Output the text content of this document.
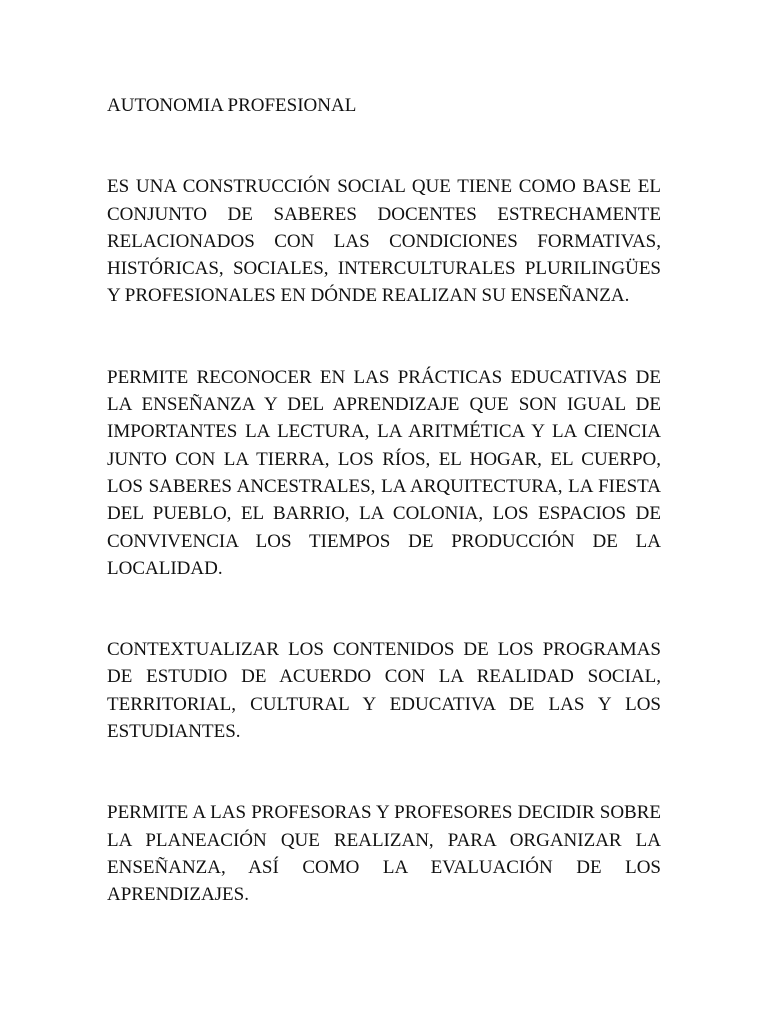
AUTONOMIA PROFESIONAL

ES UNA CONSTRUCCIÓN SOCIAL QUE TIENE COMO BASE EL CONJUNTO DE SABERES DOCENTES ESTRECHAMENTE RELACIONADOS CON LAS CONDICIONES FORMATIVAS, HISTÓRICAS, SOCIALES, INTERCULTURALES PLURILINGÜES Y PROFESIONALES EN DÓNDE REALIZAN SU ENSEÑANZA.

PERMITE RECONOCER EN LAS PRÁCTICAS EDUCATIVAS DE LA ENSEÑANZA Y DEL APRENDIZAJE QUE SON IGUAL DE IMPORTANTES LA LECTURA, LA ARITMÉTICA Y LA CIENCIA JUNTO CON LA TIERRA, LOS RÍOS, EL HOGAR, EL CUERPO, LOS SABERES ANCESTRALES, LA ARQUITECTURA, LA FIESTA DEL PUEBLO, EL BARRIO, LA COLONIA, LOS ESPACIOS DE CONVIVENCIA LOS TIEMPOS DE PRODUCCIÓN DE LA LOCALIDAD.

CONTEXTUALIZAR LOS CONTENIDOS DE LOS PROGRAMAS DE ESTUDIO DE ACUERDO CON LA REALIDAD SOCIAL, TERRITORIAL, CULTURAL Y EDUCATIVA DE LAS Y LOS ESTUDIANTES.

PERMITE A LAS PROFESORAS Y PROFESORES DECIDIR SOBRE LA PLANEACIÓN QUE REALIZAN, PARA ORGANIZAR LA ENSEÑANZA, ASÍ COMO LA EVALUACIÓN DE LOS APRENDIZAJES.
